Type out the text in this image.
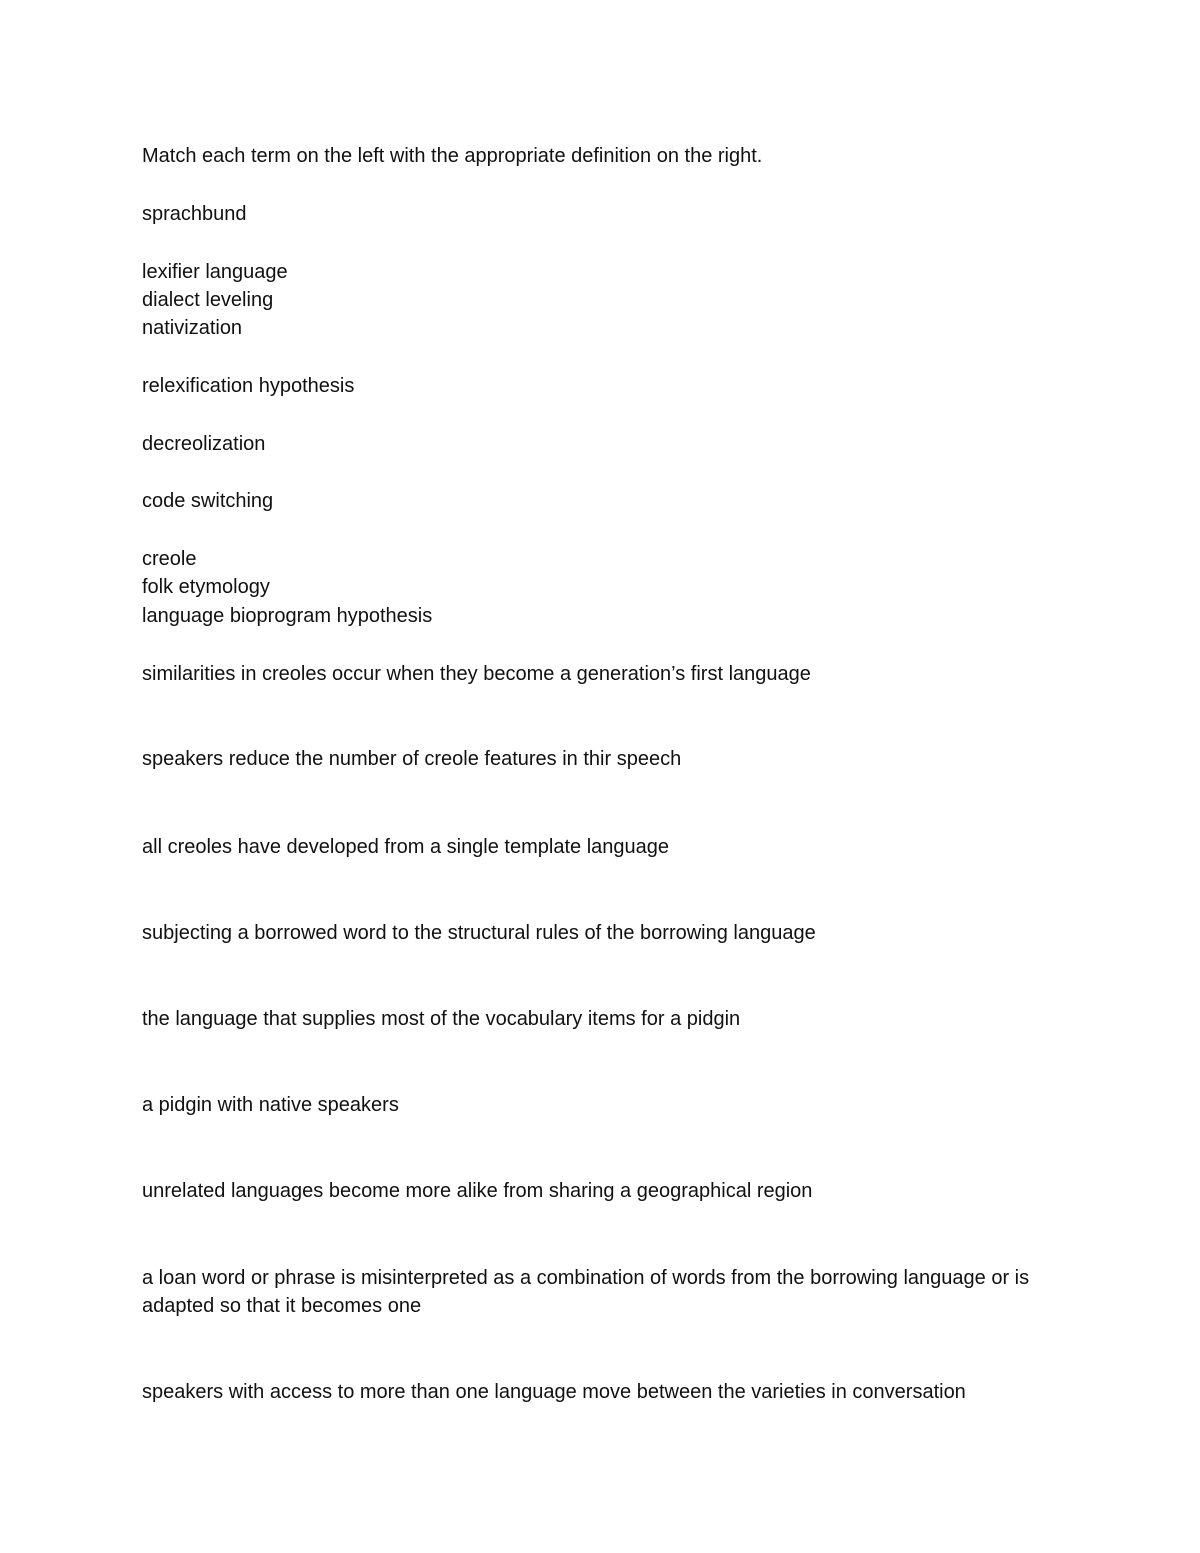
Match each term on the left with the appropriate definition on the right.

sprachbund

lexifier language

dialect leveling

nativization

relexification hypothesis

decreolization

code switching

creole

folk etymology

language bioprogram hypothesis

similarities in creoles occur when they become a generation’s first language

speakers reduce the number of creole features in thir speech

all creoles have developed from a single template language

subjecting a borrowed word to the structural rules of the borrowing language

the language that supplies most of the vocabulary items for a pidgin

a pidgin with native speakers

unrelated languages become more alike from sharing a geographical region

a loan word or phrase is misinterpreted as a combination of words from the borrowing language or is adapted so that it becomes one

speakers with access to more than one language move between the varieties in conversation
